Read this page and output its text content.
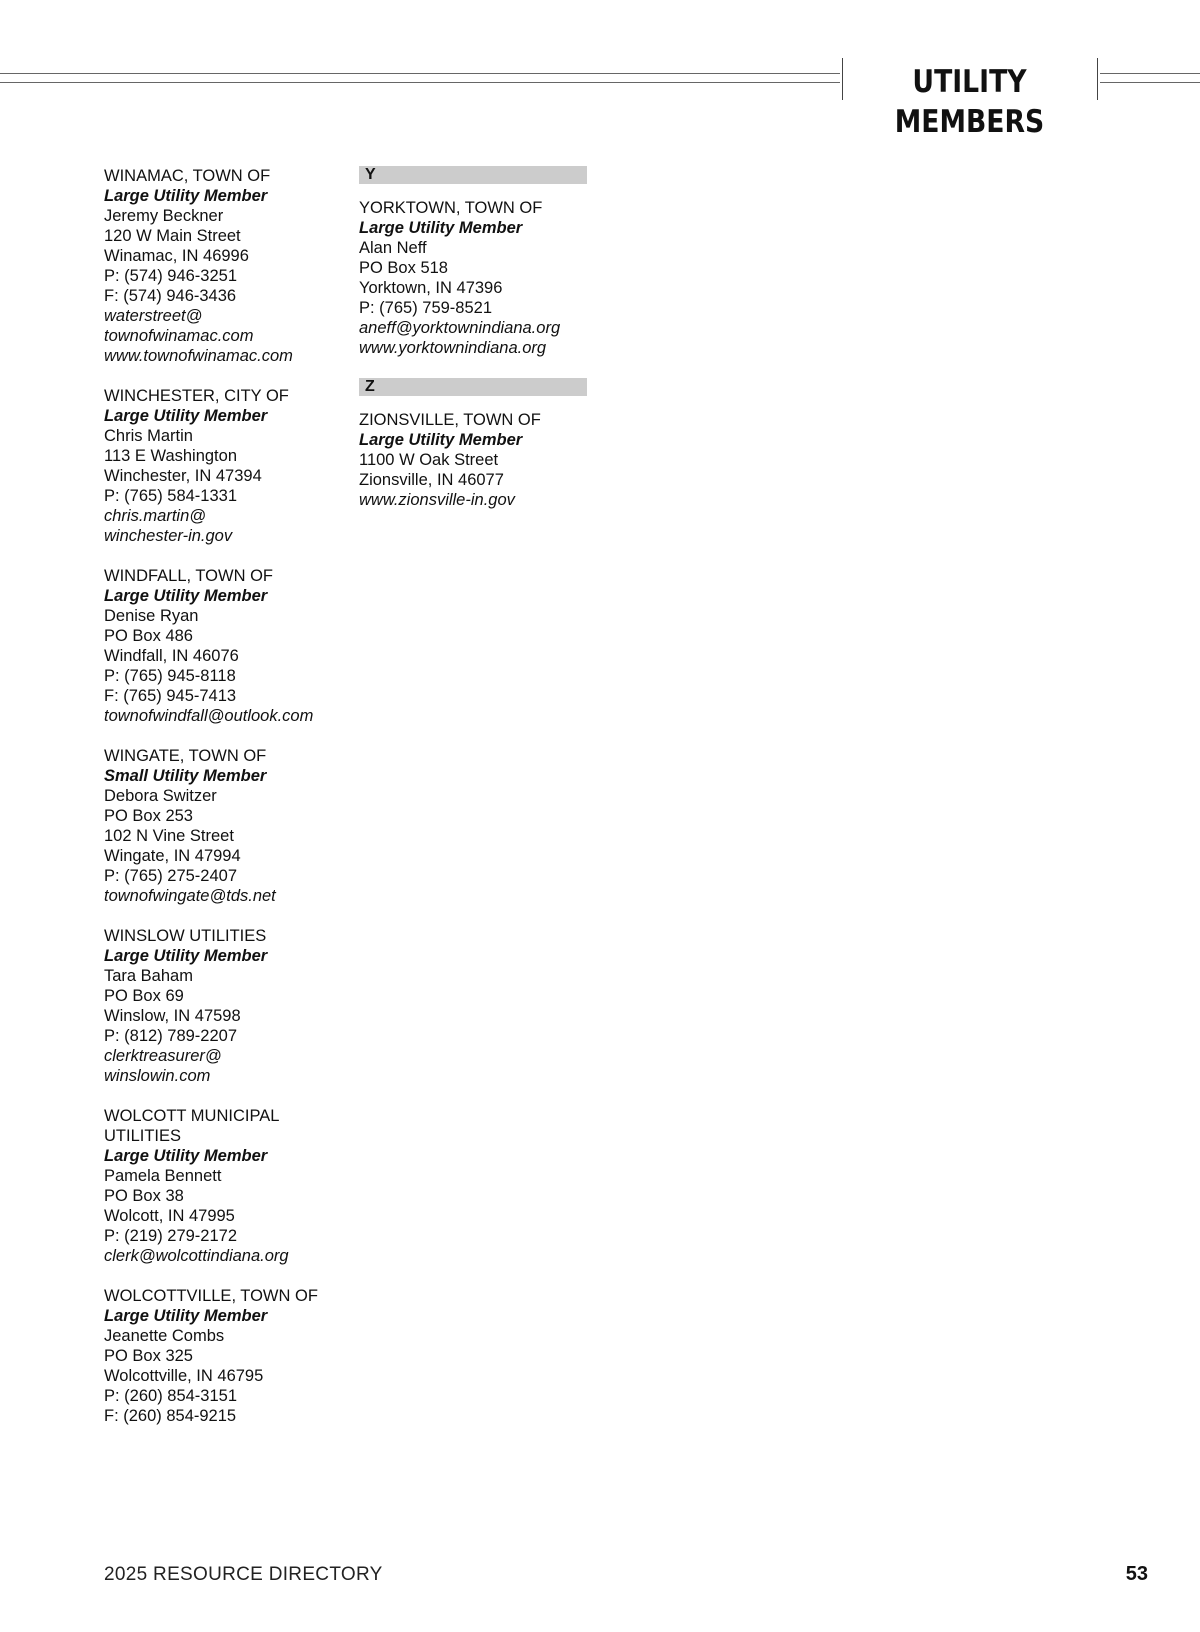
UTILITY MEMBERS
WINAMAC, TOWN OF
Large Utility Member
Jeremy Beckner
120 W Main Street
Winamac, IN 46996
P: (574) 946-3251
F: (574) 946-3436
waterstreet@
townofwinamac.com
www.townofwinamac.com
WINCHESTER, CITY OF
Large Utility Member
Chris Martin
113 E Washington
Winchester, IN 47394
P: (765) 584-1331
chris.martin@
winchester-in.gov
WINDFALL, TOWN OF
Large Utility Member
Denise Ryan
PO Box 486
Windfall, IN 46076
P: (765) 945-8118
F: (765) 945-7413
townofwindfall@outlook.com
WINGATE, TOWN OF
Small Utility Member
Debora Switzer
PO Box 253
102 N Vine Street
Wingate, IN 47994
P: (765) 275-2407
townofwingate@tds.net
WINSLOW UTILITIES
Large Utility Member
Tara Baham
PO Box 69
Winslow, IN 47598
P: (812) 789-2207
clerktreasurer@
winslowin.com
WOLCOTT MUNICIPAL
UTILITIES
Large Utility Member
Pamela Bennett
PO Box 38
Wolcott, IN 47995
P: (219) 279-2172
clerk@wolcottindiana.org
WOLCOTTVILLE, TOWN OF
Large Utility Member
Jeanette Combs
PO Box 325
Wolcottville, IN 46795
P: (260) 854-3151
F: (260) 854-9215
Y
YORKTOWN, TOWN OF
Large Utility Member
Alan Neff
PO Box 518
Yorktown, IN 47396
P: (765) 759-8521
aneff@yorktownindiana.org
www.yorktownindiana.org
Z
ZIONSVILLE, TOWN OF
Large Utility Member
1100 W Oak Street
Zionsville, IN 46077
www.zionsville-in.gov
2025 RESOURCE DIRECTORY	53
